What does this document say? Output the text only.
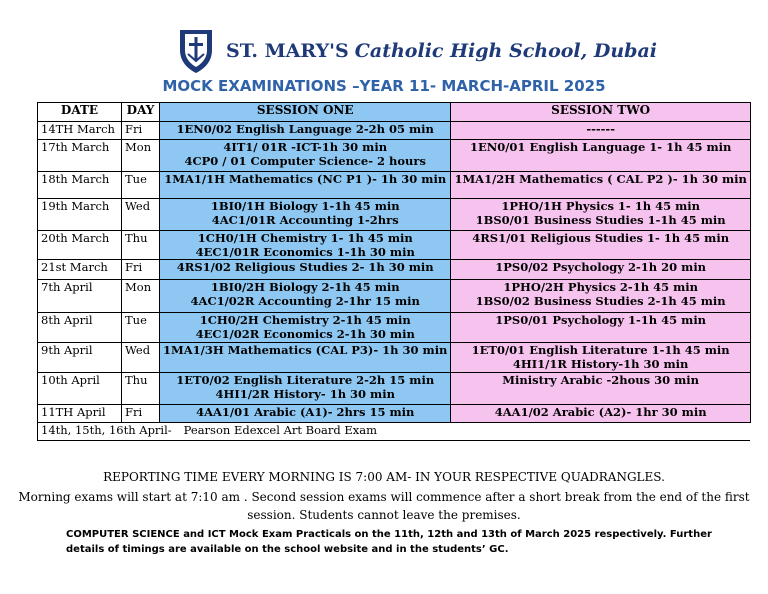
ST. MARY'S Catholic High School, Dubai
MOCK EXAMINATIONS –YEAR 11- MARCH-APRIL 2025
DATE	DAY	SESSION ONE	SESSION TWO
14TH March	Fri	1EN0/02 English Language 2-2h 05 min	------

17th March	Mon	4IT1/ 01R -ICT-1h 30 min
4CP0 / 01 Computer Science- 2 hours	1EN0/01 English Language 1- 1h 45 min

18th March	Tue	1MA1/1H Mathematics (NC P1 )- 1h 30 min	1MA1/2H Mathematics ( CAL P2 )- 1h 30 min

19th March	Wed	1BI0/1H Biology 1-1h 45 min
4AC1/01R Accounting 1-2hrs	1PHO/1H Physics 1- 1h 45 min
1BS0/01 Business Studies 1-1h 45 min

20th March	Thu	1CH0/1H Chemistry 1- 1h 45 min
4EC1/01R Economics 1-1h 30 min	4RS1/01 Religious Studies 1- 1h 45 min

21st March	Fri	4RS1/02 Religious Studies 2- 1h 30 min	1PS0/02 Psychology 2-1h 20 min

7th April	Mon	1BI0/2H Biology 2-1h 45 min
4AC1/02R Accounting 2-1hr 15 min	1PHO/2H Physics 2-1h 45 min
1BS0/02 Business Studies 2-1h 45 min

8th April	Tue	1CH0/2H Chemistry 2-1h 45 min
4EC1/02R Economics 2-1h 30 min	1PS0/01 Psychology 1-1h 45 min

9th April	Wed	1MA1/3H Mathematics (CAL P3)- 1h 30 min	1ET0/01 English Literature 1-1h 45 min
4HI1/1R History-1h 30 min

10th April	Thu	1ET0/02 English Literature 2-2h 15 min
4HI1/2R History- 1h 30 min	Ministry Arabic -2hous 30 min

11TH April	Fri	4AA1/01 Arabic (A1)- 2hrs 15 min	4AA1/02 Arabic (A2)- 1hr 30 min

14th, 15th, 16th April- Pearson Edexcel Art Board Exam			
REPORTING TIME EVERY MORNING IS 7:00 AM- IN YOUR RESPECTIVE QUADRANGLES.
Morning exams will start at 7:10 am . Second session exams will commence after a short break from the end of the first
session. Students cannot leave the premises.
COMPUTER SCIENCE and ICT Mock Exam Practicals on the 11th, 12th and 13th of March 2025 respectively. Further details of timings are available on the school website and in the students’ GC.
